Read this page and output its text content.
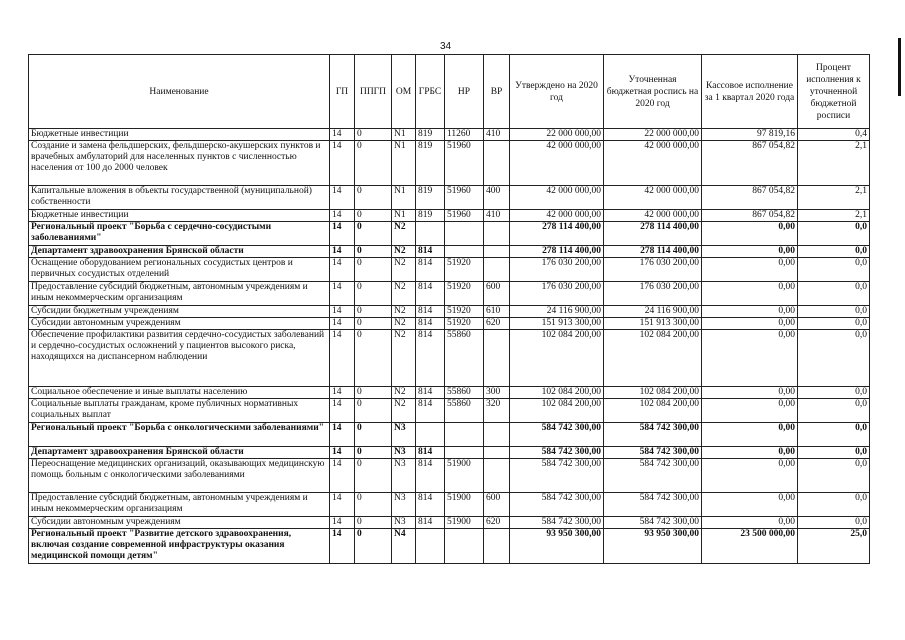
34
Наименование	ГП	ППГП	ОМ	ГРБС	НР	ВР	Утверждено на 2020 год	Уточненная бюджетная роспись на 2020 год	Кассовое исполнение за 1 квартал 2020 года	Процент исполнения к уточненной бюджетной росписи
Бюджетные инвестиции	14	0	N1	819	11260	410	22 000 000,00	22 000 000,00	97 819,16	0,4
Создание и замена фельдшерских, фельдшерско-акушерских пунктов и врачебных амбулаторий для населенных пунктов с численностью населения от 100 до 2000 человек	14	0	N1	819	51960		42 000 000,00	42 000 000,00	867 054,82	2,1
Капитальные вложения в объекты государственной (муниципальной) собственности	14	0	N1	819	51960	400	42 000 000,00	42 000 000,00	867 054,82	2,1
Бюджетные инвестиции	14	0	N1	819	51960	410	42 000 000,00	42 000 000,00	867 054,82	2,1
Региональный проект "Борьба с сердечно-сосудистыми заболеваниями"	14	0	N2				278 114 400,00	278 114 400,00	0,00	0,0
Департамент здравоохранения Брянской области	14	0	N2	814			278 114 400,00	278 114 400,00	0,00	0,0
Оснащение оборудованием региональных сосудистых центров и первичных сосудистых отделений	14	0	N2	814	51920		176 030 200,00	176 030 200,00	0,00	0,0
Предоставление субсидий бюджетным, автономным учреждениям и иным некоммерческим организациям	14	0	N2	814	51920	600	176 030 200,00	176 030 200,00	0,00	0,0
Субсидии бюджетным учреждениям	14	0	N2	814	51920	610	24 116 900,00	24 116 900,00	0,00	0,0
Субсидии автономным учреждениям	14	0	N2	814	51920	620	151 913 300,00	151 913 300,00	0,00	0,0
Обеспечение профилактики развития сердечно-сосудистых заболеваний и сердечно-сосудистых осложнений у пациентов высокого риска, находящихся на диспансерном наблюдении	14	0	N2	814	55860		102 084 200,00	102 084 200,00	0,00	0,0
Социальное обеспечение и иные выплаты населению	14	0	N2	814	55860	300	102 084 200,00	102 084 200,00	0,00	0,0
Социальные выплаты гражданам, кроме публичных нормативных социальных выплат	14	0	N2	814	55860	320	102 084 200,00	102 084 200,00	0,00	0,0
Региональный проект "Борьба с онкологическими заболеваниями"	14	0	N3				584 742 300,00	584 742 300,00	0,00	0,0
Департамент здравоохранения Брянской области	14	0	N3	814			584 742 300,00	584 742 300,00	0,00	0,0
Переоснащение медицинских организаций, оказывающих медицинскую помощь больным с онкологическими заболеваниями	14	0	N3	814	51900		584 742 300,00	584 742 300,00	0,00	0,0
Предоставление субсидий бюджетным, автономным учреждениям и иным некоммерческим организациям	14	0	N3	814	51900	600	584 742 300,00	584 742 300,00	0,00	0,0
Субсидии автономным учреждениям	14	0	N3	814	51900	620	584 742 300,00	584 742 300,00	0,00	0,0
Региональный проект "Развитие детского здравоохранения, включая создание современной инфраструктуры оказания медицинской помощи детям"	14	0	N4				93 950 300,00	93 950 300,00	23 500 000,00	25,0
